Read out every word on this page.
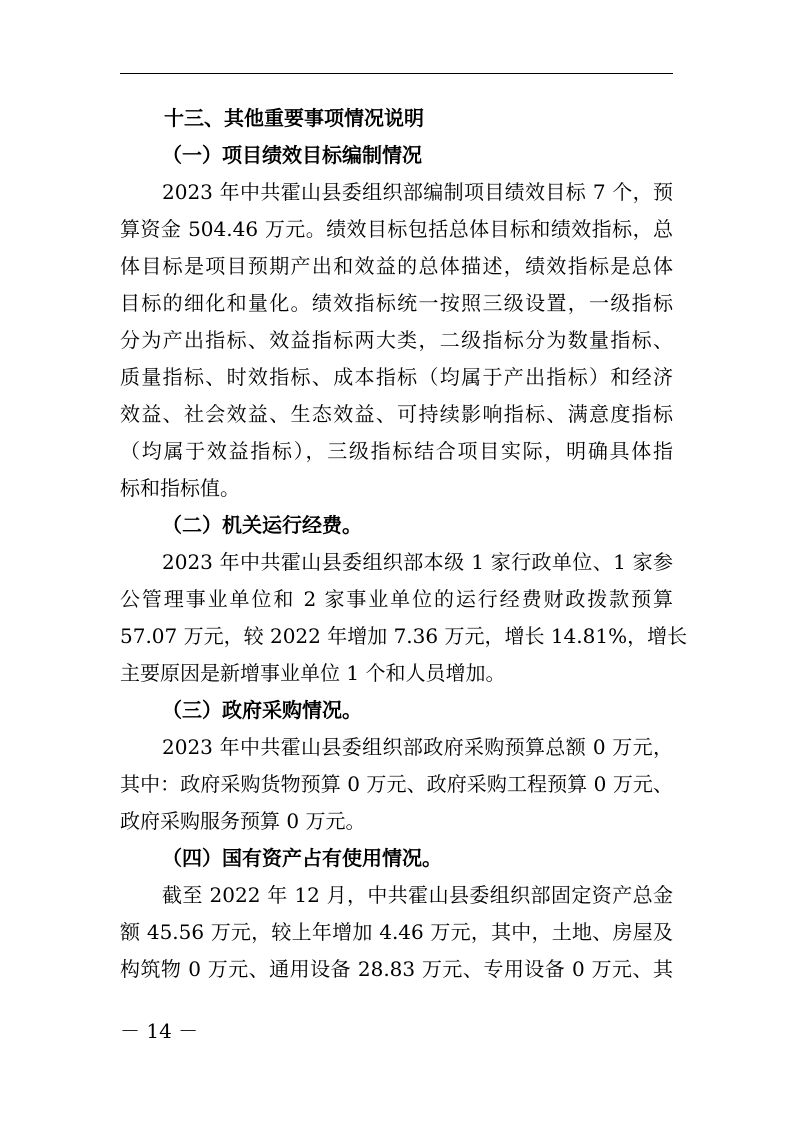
十三、其他重要事项情况说明
（一）项目绩效目标编制情况
2023 年中共霍山县委组织部编制项目绩效目标 7 个，预
算资金 504.46 万元。绩效目标包括总体目标和绩效指标，总
体目标是项目预期产出和效益的总体描述，绩效指标是总体
目标的细化和量化。绩效指标统一按照三级设置，一级指标
分为产出指标、效益指标两大类，二级指标分为数量指标、
质量指标、时效指标、成本指标（均属于产出指标）和经济
效益、社会效益、生态效益、可持续影响指标、满意度指标
（均属于效益指标），三级指标结合项目实际，明确具体指
标和指标值。
（二）机关运行经费。
2023 年中共霍山县委组织部本级 1 家行政单位、1 家参
公管理事业单位和 2 家事业单位的运行经费财政拨款预算
57.07 万元，较 2022 年增加 7.36 万元，增长 14.81%，增长
主要原因是新增事业单位 1 个和人员增加。
（三）政府采购情况。
2023 年中共霍山县委组织部政府采购预算总额 0 万元，
其中：政府采购货物预算 0 万元、政府采购工程预算 0 万元、
政府采购服务预算 0 万元。
（四）国有资产占有使用情况。
截至 2022 年 12 月，中共霍山县委组织部固定资产总金
额 45.56 万元，较上年增加 4.46 万元，其中，土地、房屋及
构筑物 0 万元、通用设备 28.83 万元、专用设备 0 万元、其
－ 14 －
